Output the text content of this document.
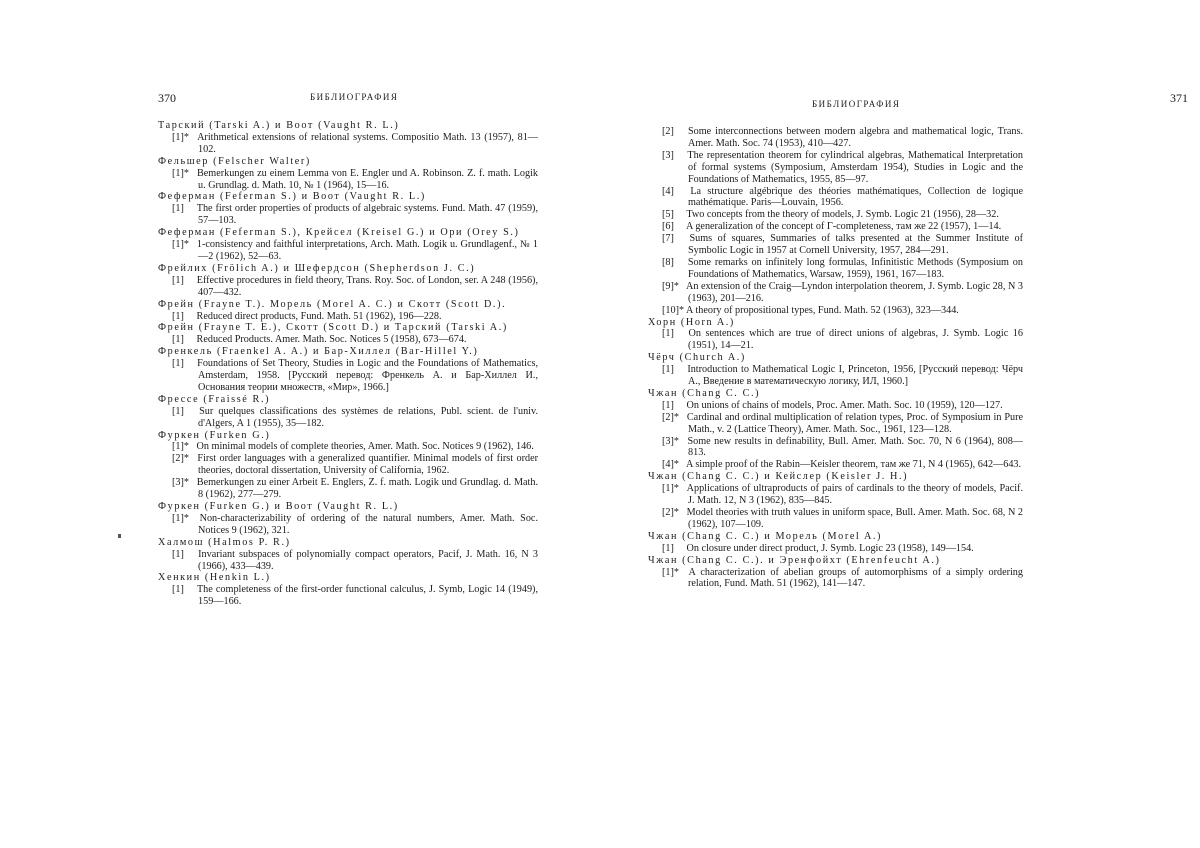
370	БИБЛИОГРАФИЯ

Тарский (Tarski A.) и Воот (Vaught R. L.)

[1]* Arithmetical extensions of relational systems. Compositio Math. 13 (1957), 81—102.

Фельшер (Felscher Walter)

[1]* Bemerkungen zu einem Lemma von E. Engler und A. Robinson. Z. f. math. Logik u. Grundlag. d. Math. 10, № 1 (1964), 15—16.

Феферман (Feferman S.) и Воот (Vaught R. L.)

[1] The first order properties of products of algebraic systems. Fund. Math. 47 (1959), 57—103.

Феферман (Feferman S.), Крейсел (Kreisel G.) и Ори (Orey S.)

[1]* 1-consistency and faithful interpretations, Arch. Math. Logik u. Grundlagenf., № 1—2 (1962), 52—63.

Фрейлих (Frölich A.) и Шефердсон (Shepherdson J. C.)

[1] Effective procedures in field theory, Trans. Roy. Soc. of London, ser. A 248 (1956), 407—432.

Фрейн (Frayne T.). Морель (Morel A. C.) и Скотт (Scott D.).

[1] Reduced direct products, Fund. Math. 51 (1962), 196—228.

Фрейн (Frayne T. E.), Скотт (Scott D.) и Тарский (Tarski A.)

[1] Reduced Products. Amer. Math. Soc. Notices 5 (1958), 673—674.

Френкель (Fraenkel A. A.) и Бар-Хиллел (Bar-Hillel Y.)

[1] Foundations of Set Theory, Studies in Logic and the Foundations of Mathematics, Amsterdam, 1958. [Русский перевод: Френкель А. и Бар-Хиллел И., Основания теории множеств, «Мир», 1966.]

Фрессе (Fraissé R.)

[1] Sur quelques classifications des systèmes de relations, Publ. scient. de l'univ. d'Algers, A 1 (1955), 35—182.

Фуркен (Furken G.)

[1]* On minimal models of complete theories, Amer. Math. Soc. Notices 9 (1962), 146.

[2]* First order languages with a generalized quantifier. Minimal models of first order theories, doctoral dissertation, University of California, 1962.

[3]* Bemerkungen zu einer Arbeit E. Englers, Z. f. math. Logik und Grundlag. d. Math. 8 (1962), 277—279.

Фуркен (Furken G.) и Воот (Vaught R. L.)

[1]* Non-characterizability of ordering of the natural numbers, Amer. Math. Soc. Notices 9 (1962), 321.

Халмош (Halmos P. R.)

[1] Invariant subspaces of polynomially compact operators, Pacif, J. Math. 16, N 3 (1966), 433—439.

Хенкин (Henkin L.)

[1] The completeness of the first-order functional calculus, J. Symb, Logic 14 (1949), 159—166.

БИБЛИОГРАФИЯ	371

[2] Some interconnections between modern algebra and mathematical logic, Trans. Amer. Math. Soc. 74 (1953), 410—427.

[3] The representation theorem for cylindrical algebras, Mathematical Interpretation of formal systems (Symposium, Amsterdam 1954), Studies in Logic and the Foundations of Mathematics, 1955, 85—97.

[4] La structure algébrique des théories mathématiques, Collection de logique mathématique. Paris—Louvain, 1956.

[5] Two concepts from the theory of models, J. Symb. Logic 21 (1956), 28—32.

[6] A generalization of the concept of Γ-completeness, там же 22 (1957), 1—14.

[7] Sums of squares, Summaries of talks presented at the Summer Institute of Symbolic Logic in 1957 at Cornell University, 1957, 284—291.

[8] Some remarks on infinitely long formulas, Infinitistic Methods (Symposium on Foundations of Mathematics, Warsaw, 1959), 1961, 167—183.

[9]* An extension of the Craig—Lyndon interpolation theorem, J. Symb. Logic 28, N 3 (1963), 201—216.

[10]* A theory of propositional types, Fund. Math. 52 (1963), 323—344.

Хорн (Horn A.)

[1] On sentences which are true of direct unions of algebras, J. Symb. Logic 16 (1951), 14—21.

Чёрч (Church A.)

[1] Introduction to Mathematical Logic I, Princeton, 1956, [Русский перевод: Чёрч А., Введение в математическую логику, ИЛ, 1960.]

Чжан (Chang C. C.)

[1] On unions of chains of models, Proc. Amer. Math. Soc. 10 (1959), 120—127.

[2]* Cardinal and ordinal multiplication of relation types, Proc. of Symposium in Pure Math., v. 2 (Lattice Theory), Amer. Math. Soc., 1961, 123—128.

[3]* Some new results in definability, Bull. Amer. Math. Soc. 70, N 6 (1964), 808—813.

[4]* A simple proof of the Rabin—Keisler theorem, там же 71, N 4 (1965), 642—643.

Чжан (Chang C. C.) и Кейслер (Keisler J. H.)

[1]* Applications of ultraproducts of pairs of cardinals to the theory of models, Pacif. J. Math. 12, N 3 (1962), 835—845.

[2]* Model theories with truth values in uniform space, Bull. Amer. Math. Soc. 68, N 2 (1962), 107—109.

Чжан (Chang C. C.) и Морель (Morel A.)

[1] On closure under direct product, J. Symb. Logic 23 (1958), 149—154.

Чжан (Chang C. C.). и Эренфойхт (Ehrenfeucht A.)

[1]* A characterization of abelian groups of automorphisms of a simply ordering relation, Fund. Math. 51 (1962), 141—147.
